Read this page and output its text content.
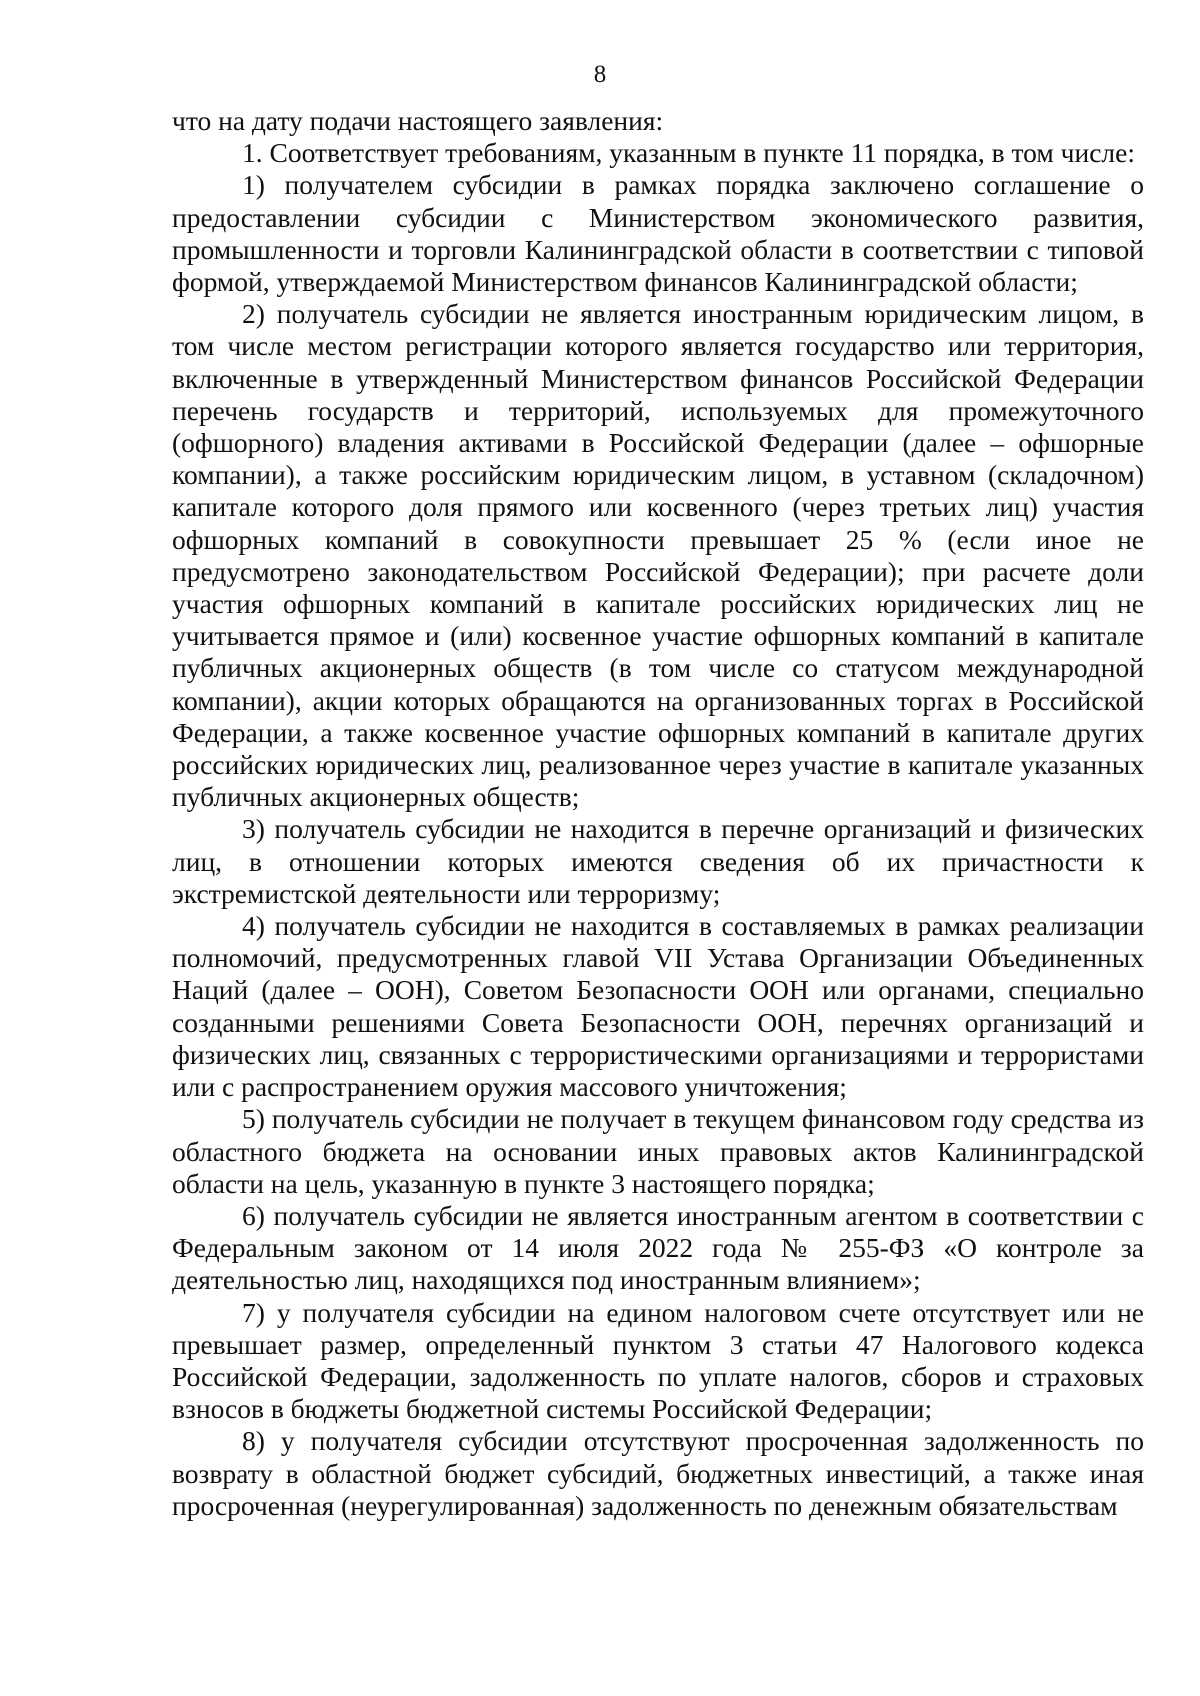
8

что на дату подачи настоящего заявления:

1. Соответствует требованиям, указанным в пункте 11 порядка, в том числе:

1) получателем субсидии в рамках порядка заключено соглашение о предоставлении субсидии с Министерством экономического развития, промышленности и торговли Калининградской области в соответствии с типовой формой, утверждаемой Министерством финансов Калининградской области;

2) получатель субсидии не является иностранным юридическим лицом, в том числе местом регистрации которого является государство или территория, включенные в утвержденный Министерством финансов Российской Федерации перечень государств и территорий, используемых для промежуточного (офшорного) владения активами в Российской Федерации (далее – офшорные компании), а также российским юридическим лицом, в уставном (складочном) капитале которого доля прямого или косвенного (через третьих лиц) участия офшорных компаний в совокупности превышает 25 % (если иное не предусмотрено законодательством Российской Федерации); при расчете доли участия офшорных компаний в капитале российских юридических лиц не учитывается прямое и (или) косвенное участие офшорных компаний в капитале публичных акционерных обществ (в том числе со статусом международной компании), акции которых обращаются на организованных торгах в Российской Федерации, а также косвенное участие офшорных компаний в капитале других российских юридических лиц, реализованное через участие в капитале указанных публичных акционерных обществ;

3) получатель субсидии не находится в перечне организаций и физических лиц, в отношении которых имеются сведения об их причастности к экстремистской деятельности или терроризму;

4) получатель субсидии не находится в составляемых в рамках реализации полномочий, предусмотренных главой VII Устава Организации Объединенных Наций (далее – ООН), Советом Безопасности ООН или органами, специально созданными решениями Совета Безопасности ООН, перечнях организаций и физических лиц, связанных с террористическими организациями и террористами или с распространением оружия массового уничтожения;

5) получатель субсидии не получает в текущем финансовом году средства из областного бюджета на основании иных правовых актов Калининградской области на цель, указанную в пункте 3 настоящего порядка;

6) получатель субсидии не является иностранным агентом в соответствии с Федеральным законом от 14 июля 2022 года № 255-ФЗ «О контроле за деятельностью лиц, находящихся под иностранным влиянием»;

7) у получателя субсидии на едином налоговом счете отсутствует или не превышает размер, определенный пунктом 3 статьи 47 Налогового кодекса Российской Федерации, задолженность по уплате налогов, сборов и страховых взносов в бюджеты бюджетной системы Российской Федерации;

8) у получателя субсидии отсутствуют просроченная задолженность по возврату в областной бюджет субсидий, бюджетных инвестиций, а также иная просроченная (неурегулированная) задолженность по денежным обязательствам
